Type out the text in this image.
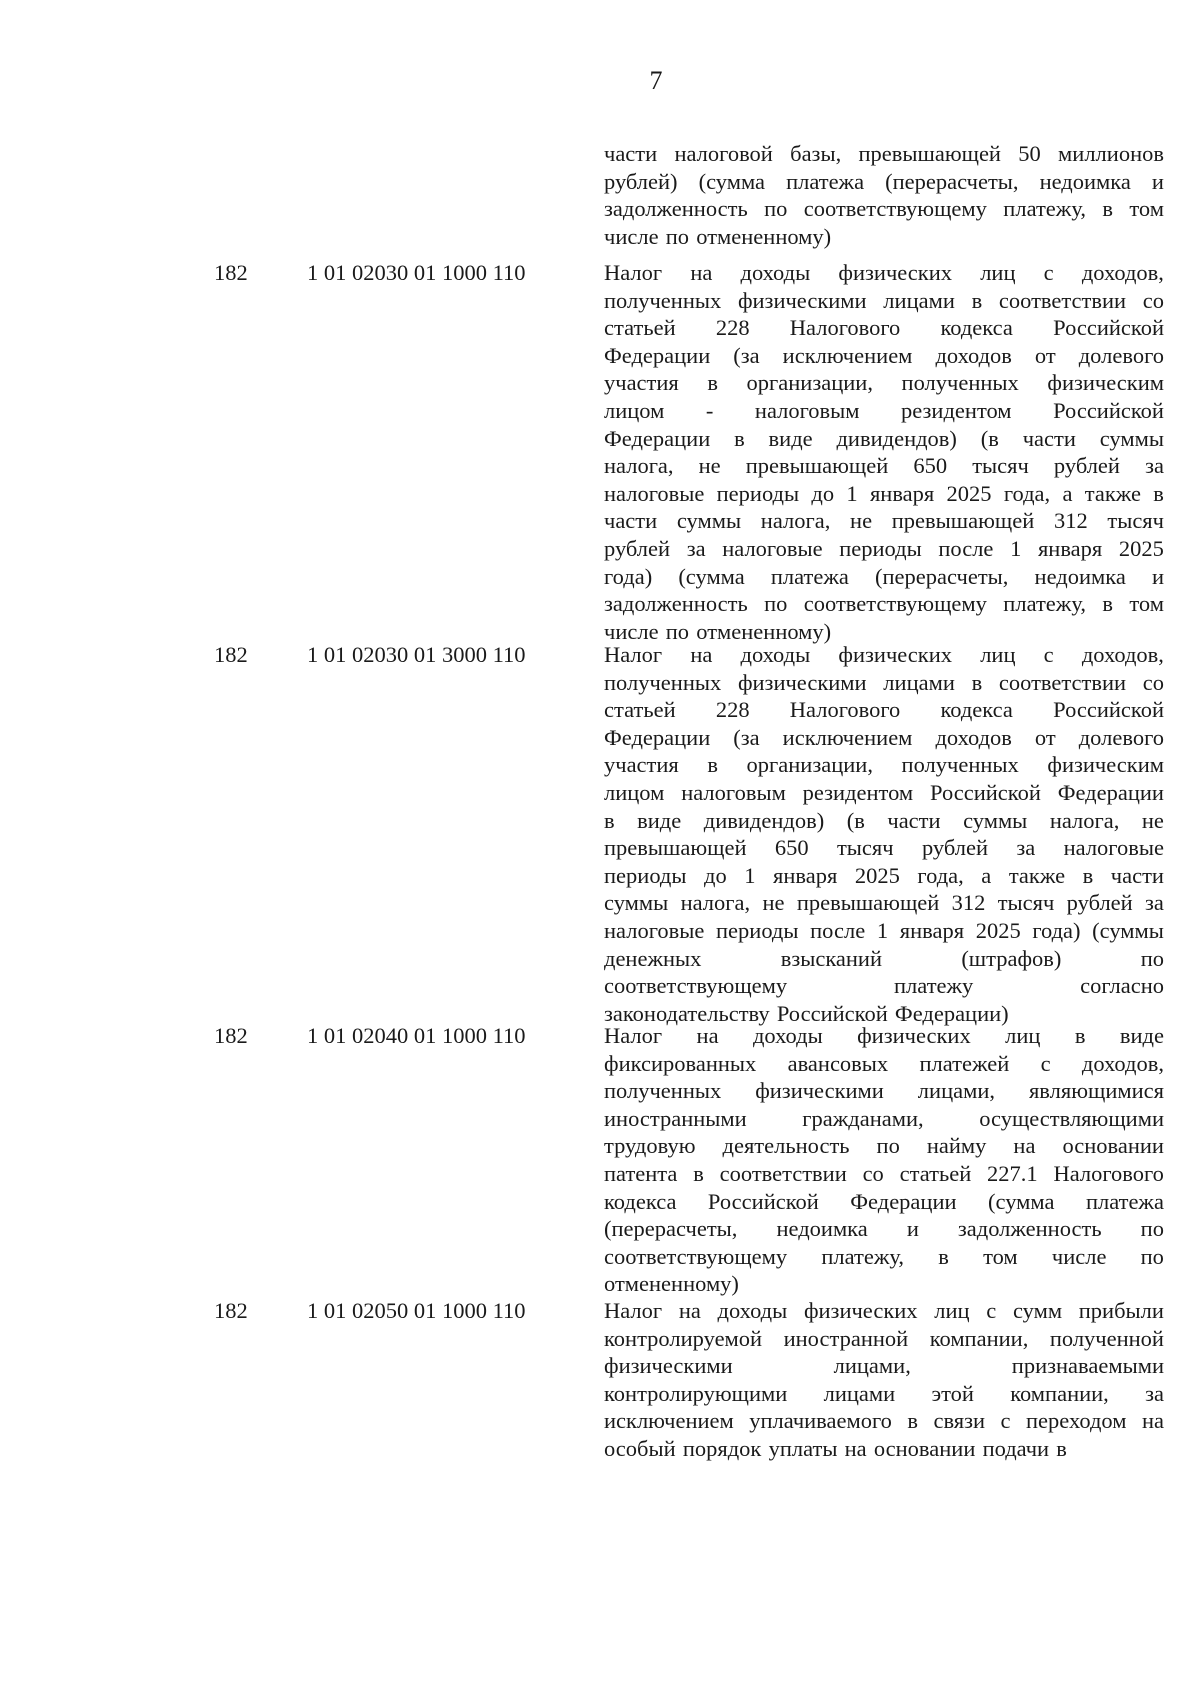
7
части налоговой базы, превышающей 50 миллионов
рублей) (сумма платежа (перерасчеты, недоимка и
задолженность по соответствующему платежу, в том
числе по отмененному)
182	1 01 02030 01 1000 110	Налог на доходы физических лиц с доходов,
полученных физическими лицами в соответствии со
статьей 228 Налогового кодекса Российской
Федерации (за исключением доходов от долевого
участия в организации, полученных физическим
лицом - налоговым резидентом Российской
Федерации в виде дивидендов) (в части суммы
налога, не превышающей 650 тысяч рублей за
налоговые периоды до 1 января 2025 года, а также в
части суммы налога, не превышающей 312 тысяч
рублей за налоговые периоды после 1 января 2025
года) (сумма платежа (перерасчеты, недоимка и
задолженность по соответствующему платежу, в том
числе по отмененному)
182	1 01 02030 01 3000 110	Налог на доходы физических лиц с доходов,
полученных физическими лицами в соответствии со
статьей 228 Налогового кодекса Российской
Федерации (за исключением доходов от долевого
участия в организации, полученных физическим
лицом налоговым резидентом Российской Федерации
в виде дивидендов) (в части суммы налога, не
превышающей 650 тысяч рублей за налоговые
периоды до 1 января 2025 года, а также в части
суммы налога, не превышающей 312 тысяч рублей за
налоговые периоды после 1 января 2025 года) (суммы
денежных	взысканий	(штрафов)	по
соответствующему	платежу	согласно
законодательству Российской Федерации)
182	1 01 02040 01 1000 110	Налог на доходы физических лиц в виде
фиксированных авансовых платежей с доходов,
полученных физическими лицами, являющимися
иностранными гражданами, осуществляющими
трудовую деятельность по найму на основании
патента в соответствии со статьей 227.1 Налогового
кодекса Российской Федерации (сумма платежа
(перерасчеты, недоимка и задолженность по
соответствующему платежу, в том числе по
отмененному)
182	1 01 02050 01 1000 110	Налог на доходы физических лиц с сумм прибыли
контролируемой иностранной компании, полученной
физическими	лицами,	признаваемыми
контролирующими лицами этой компании, за
исключением уплачиваемого в связи с переходом на
особый порядок уплаты на основании подачи в
